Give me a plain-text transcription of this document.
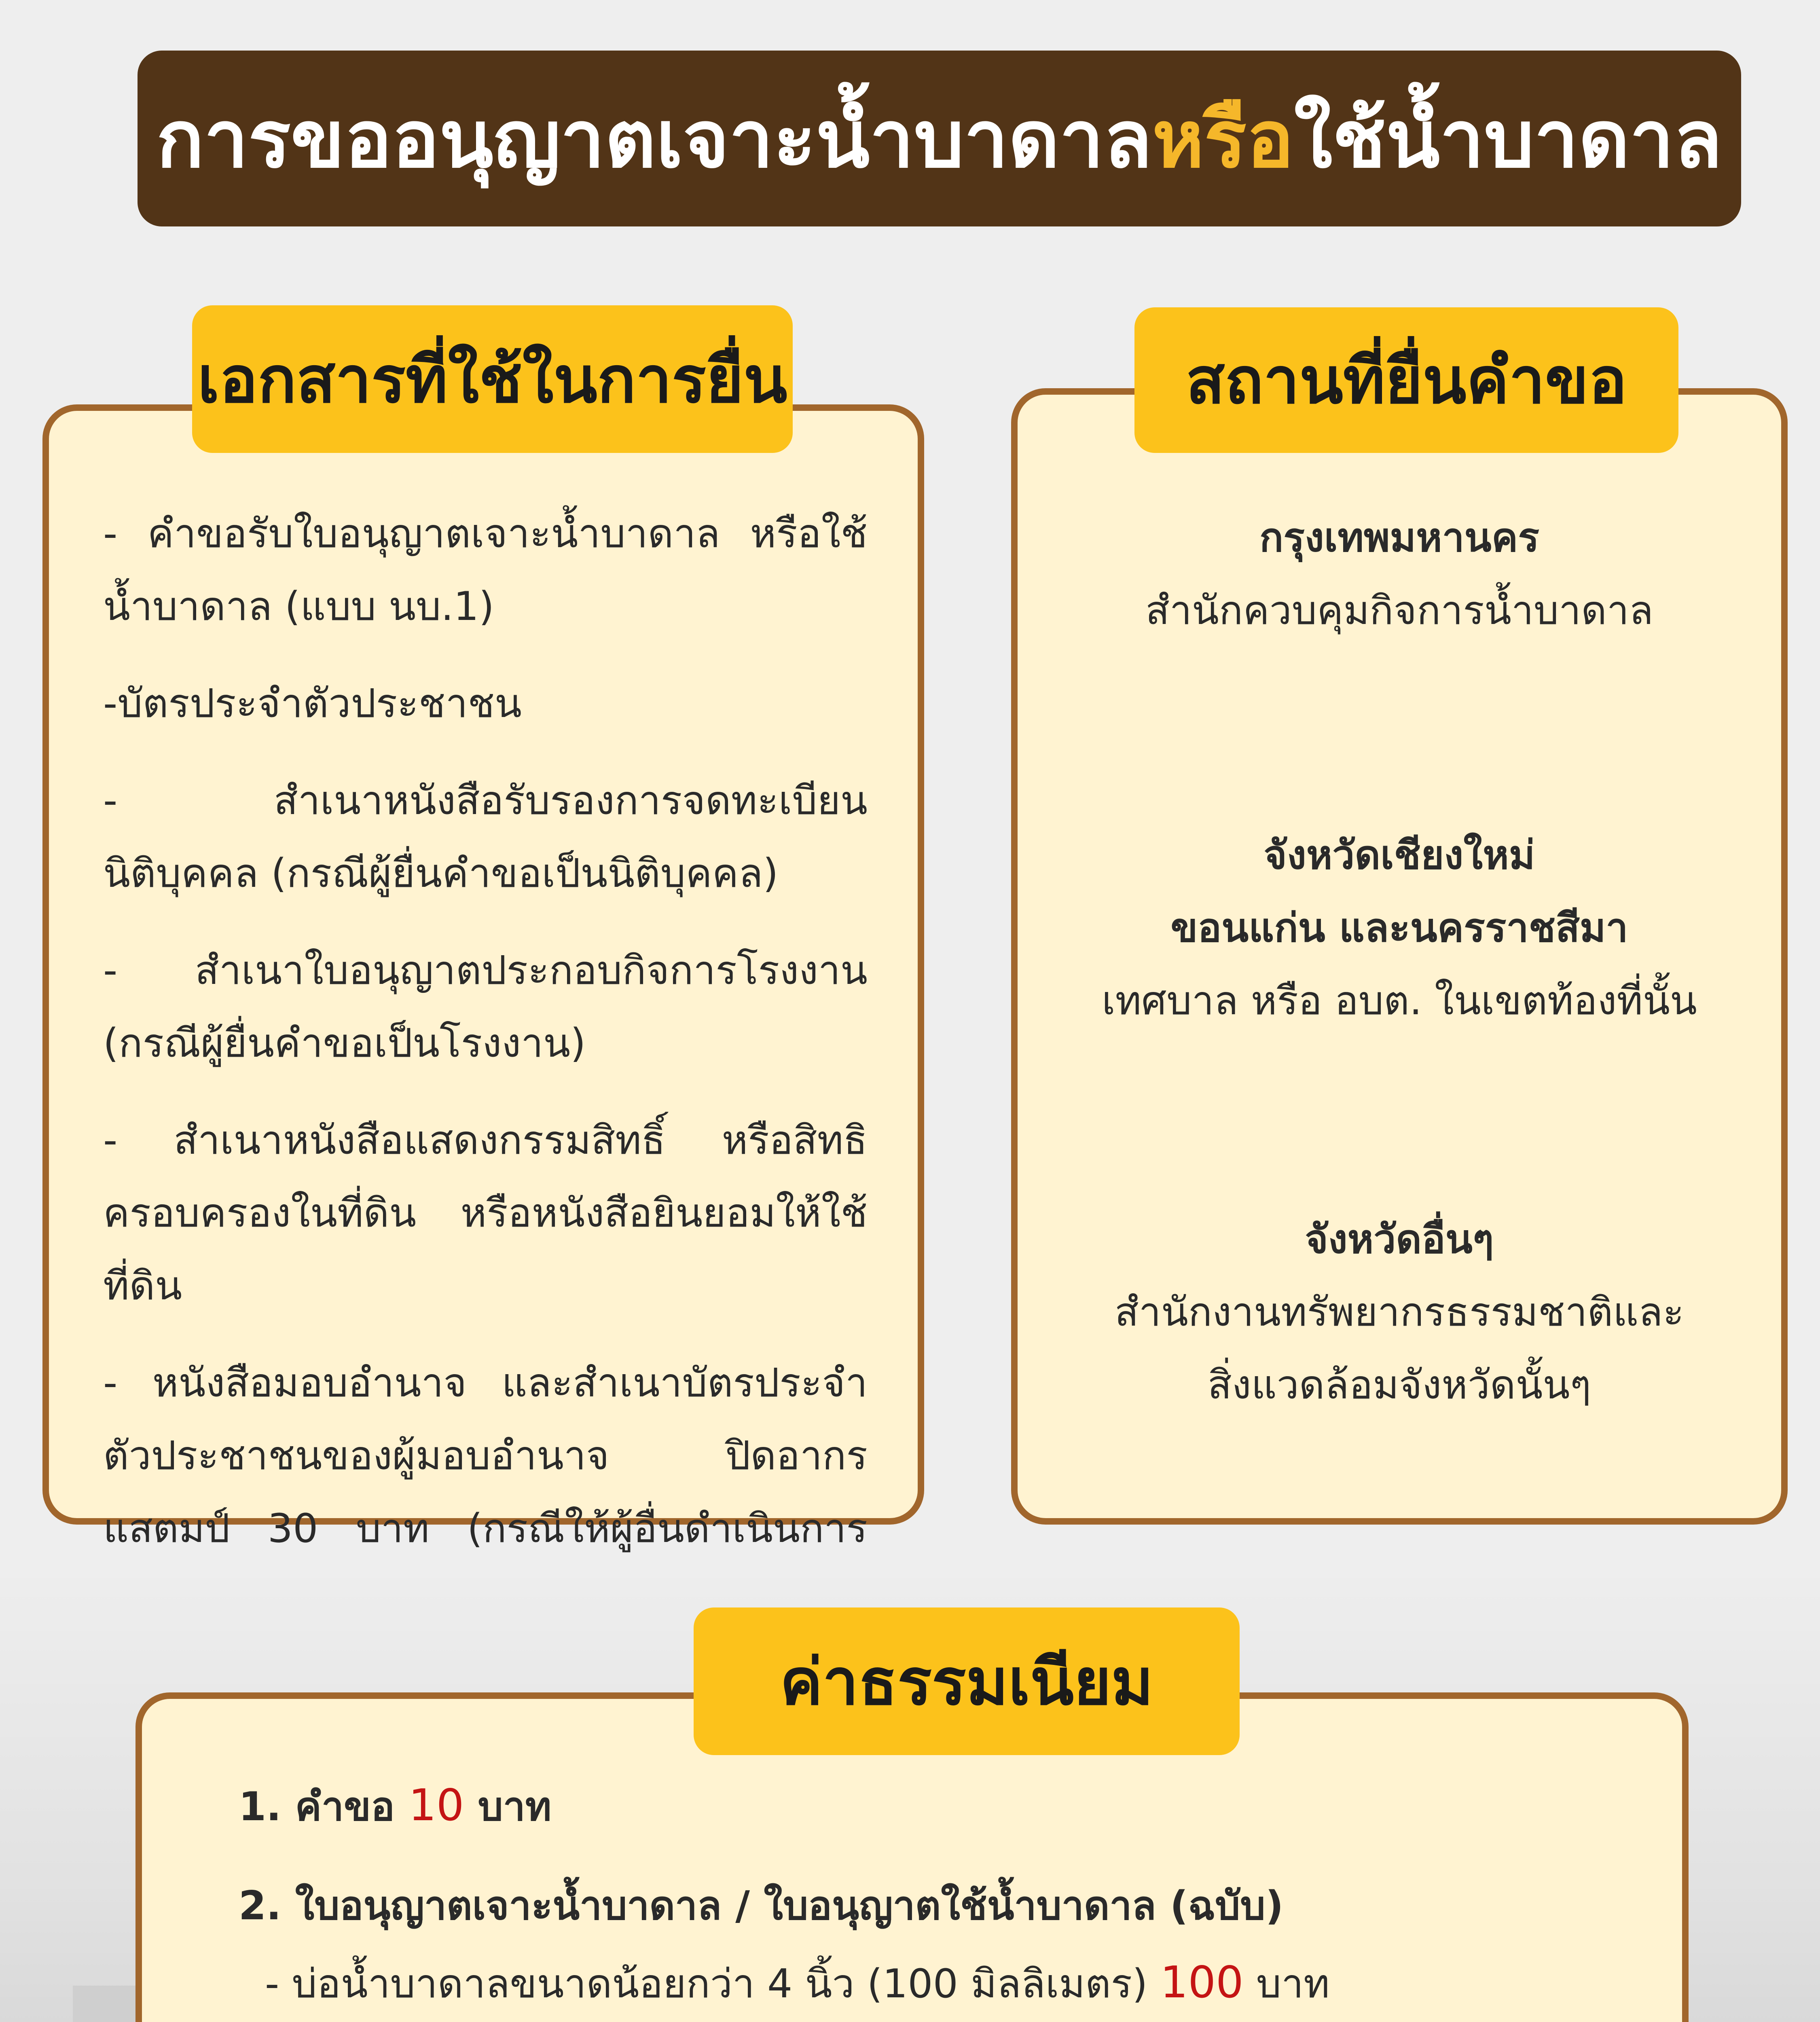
การขออนุญาตเจาะน้ำบาดาลหรือใช้น้ำบาดาล
เอกสารที่ใช้ในการยื่น

- คำขอรับใบอนุญาตเจาะน้ำบาดาล หรือใช้น้ำบาดาล (แบบ นบ.1)

-บัตรประจำตัวประชาชน

- สำเนาหนังสือรับรองการจดทะเบียนนิติบุคคล (กรณีผู้ยื่นคำขอเป็นนิติบุคคล)

- สำเนาใบอนุญาตประกอบกิจการโรงงาน (กรณีผู้ยื่นคำขอเป็นโรงงาน)

- สำเนาหนังสือแสดงกรรมสิทธิ์ หรือสิทธิครอบครองในที่ดิน หรือหนังสือยินยอมให้ใช้ที่ดิน

- หนังสือมอบอำนาจ และสำเนาบัตรประจำตัวประชาชนของผู้มอบอำนาจ ปิดอากรแสตมป์ 30 บาท (กรณีให้ผู้อื่นดำเนินการ

สถานที่ยื่นคำขอ
กรุงเทพมหานคร
สำนักควบคุมกิจการน้ำบาดาล
จังหวัดเชียงใหม่
ขอนแก่น และนครราชสีมา
เทศบาล หรือ อบต. ในเขตท้องที่นั้น
จังหวัดอื่นๆ
สำนักงานทรัพยากรธรรมชาติและ
สิ่งแวดล้อมจังหวัดนั้นๆ
ค่าธรรมเนียม
1. คำขอ 10 บาท
2. ใบอนุญาตเจาะน้ำบาดาล / ใบอนุญาตใช้น้ำบาดาล (ฉบับ)
- บ่อน้ำบาดาลขนาดน้อยกว่า 4 นิ้ว (100 มิลลิเมตร) 100 บาท
